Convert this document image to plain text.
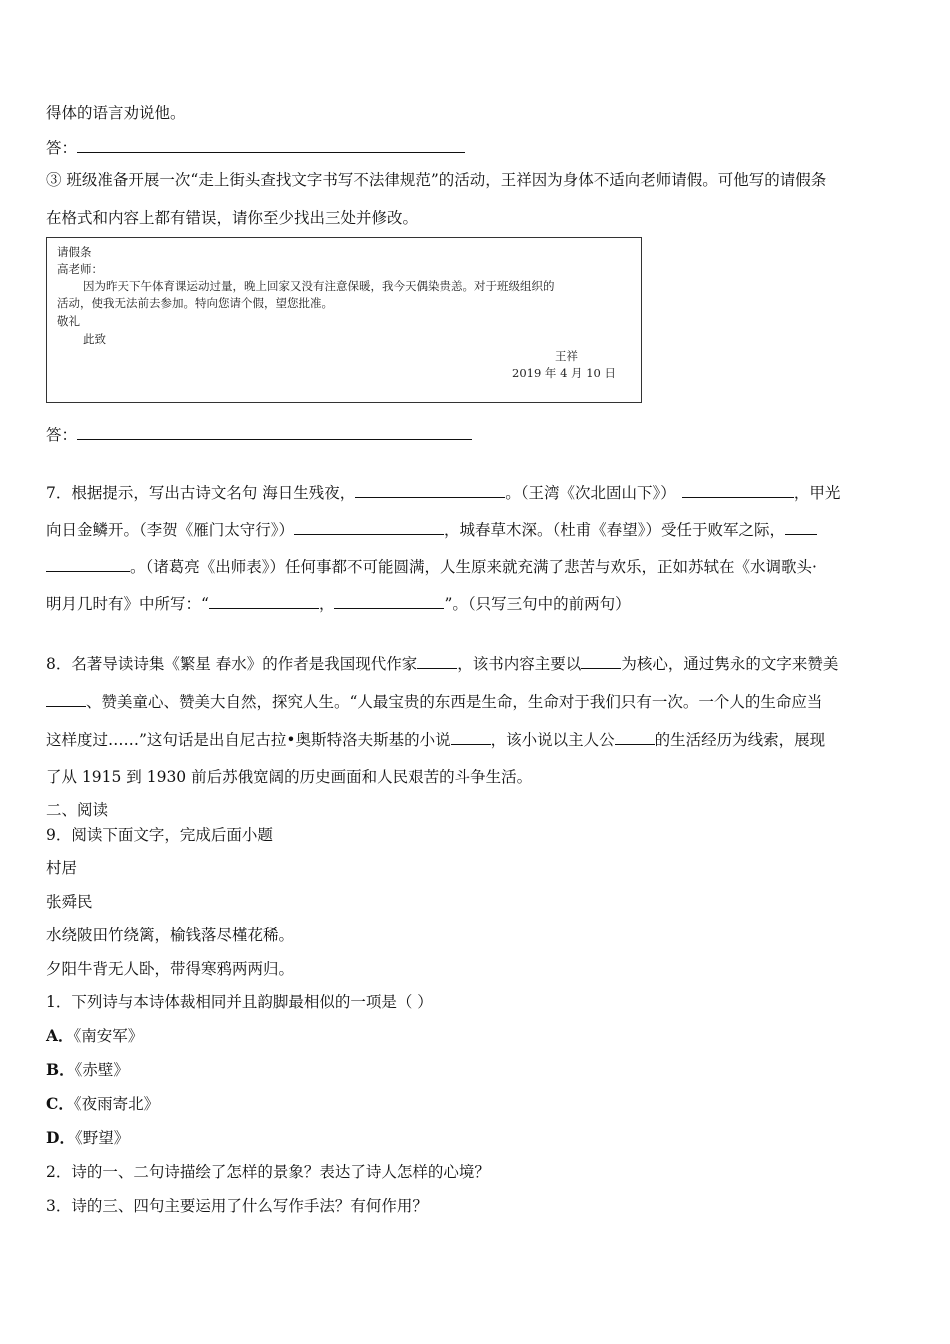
得体的语言劝说他。
答：
③ 班级准备开展一次“走上街头查找文字书写不法律规范”的活动，王祥因为身体不适向老师请假。可他写的请假条
在格式和内容上都有错误，请你至少找出三处并修改。
请假条
高老师：
因为昨天下午体育课运动过量，晚上回家又没有注意保暖，我今天偶染贵恙。对于班级组织的
活动，使我无法前去参加。特向您请个假，望您批准。
敬礼
此致
王祥
2019 年 4 月 10 日
答：
7．根据提示，写出古诗文名句 海日生残夜，	。（王湾《次北固山下》）	，甲光
向日金鳞开。（李贺《雁门太守行》）	，城春草木深。（杜甫《春望》）受任于败军之际，
。（诸葛亮《出师表》）任何事都不可能圆满，人生原来就充满了悲苦与欢乐，正如苏轼在《水调歌头·
明月几时有》中所写：“	，	”。（只写三句中的前两句）
8．名著导读诗集《繁星 春水》的作者是我国现代作家	，该书内容主要以	为核心，通过隽永的文字来赞美
、赞美童心、赞美大自然，探究人生。“人最宝贵的东西是生命，生命对于我们只有一次。一个人的生命应当
这样度过……”这句话是出自尼古拉•奥斯特洛夫斯基的小说	，该小说以主人公	的生活经历为线索，展现
了从 1915 到 1930 前后苏俄宽阔的历史画面和人民艰苦的斗争生活。
二、阅读
9．阅读下面文字，完成后面小题
村居
张舜民
水绕陂田竹绕篱，榆钱落尽槿花稀。
夕阳牛背无人卧，带得寒鸦两两归。
1．下列诗与本诗体裁相同并且韵脚最相似的一项是（ ）
A．《南安军》
B．《赤壁》
C．《夜雨寄北》
D．《野望》
2．诗的一、二句诗描绘了怎样的景象？表达了诗人怎样的心境？
3．诗的三、四句主要运用了什么写作手法？有何作用？
